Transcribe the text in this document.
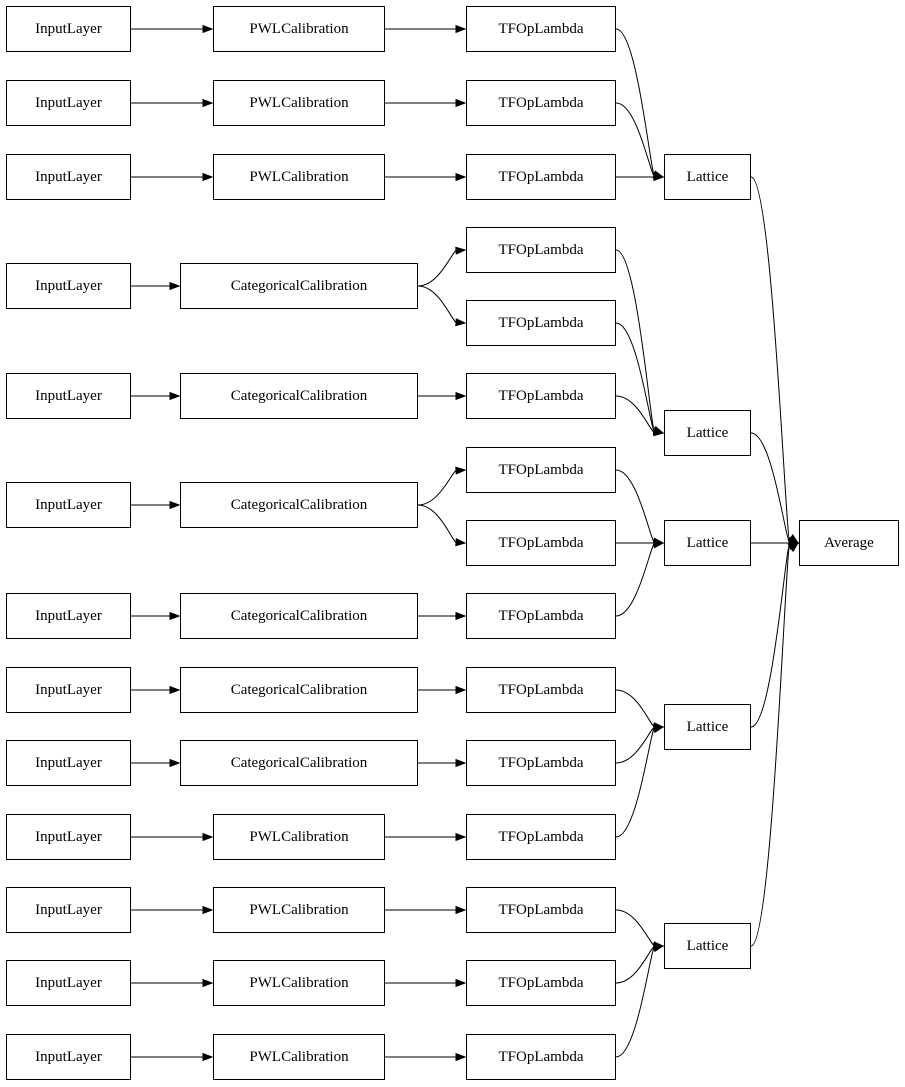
InputLayer
InputLayer
InputLayer
InputLayer
InputLayer
InputLayer
InputLayer
InputLayer
InputLayer
InputLayer
InputLayer
InputLayer
InputLayer
PWLCalibration
PWLCalibration
PWLCalibration
CategoricalCalibration
CategoricalCalibration
CategoricalCalibration
CategoricalCalibration
CategoricalCalibration
CategoricalCalibration
PWLCalibration
PWLCalibration
PWLCalibration
PWLCalibration
TFOpLambda
TFOpLambda
TFOpLambda
TFOpLambda
TFOpLambda
TFOpLambda
TFOpLambda
TFOpLambda
TFOpLambda
TFOpLambda
TFOpLambda
TFOpLambda
TFOpLambda
TFOpLambda
TFOpLambda
Lattice
Lattice
Lattice
Lattice
Lattice
Average
